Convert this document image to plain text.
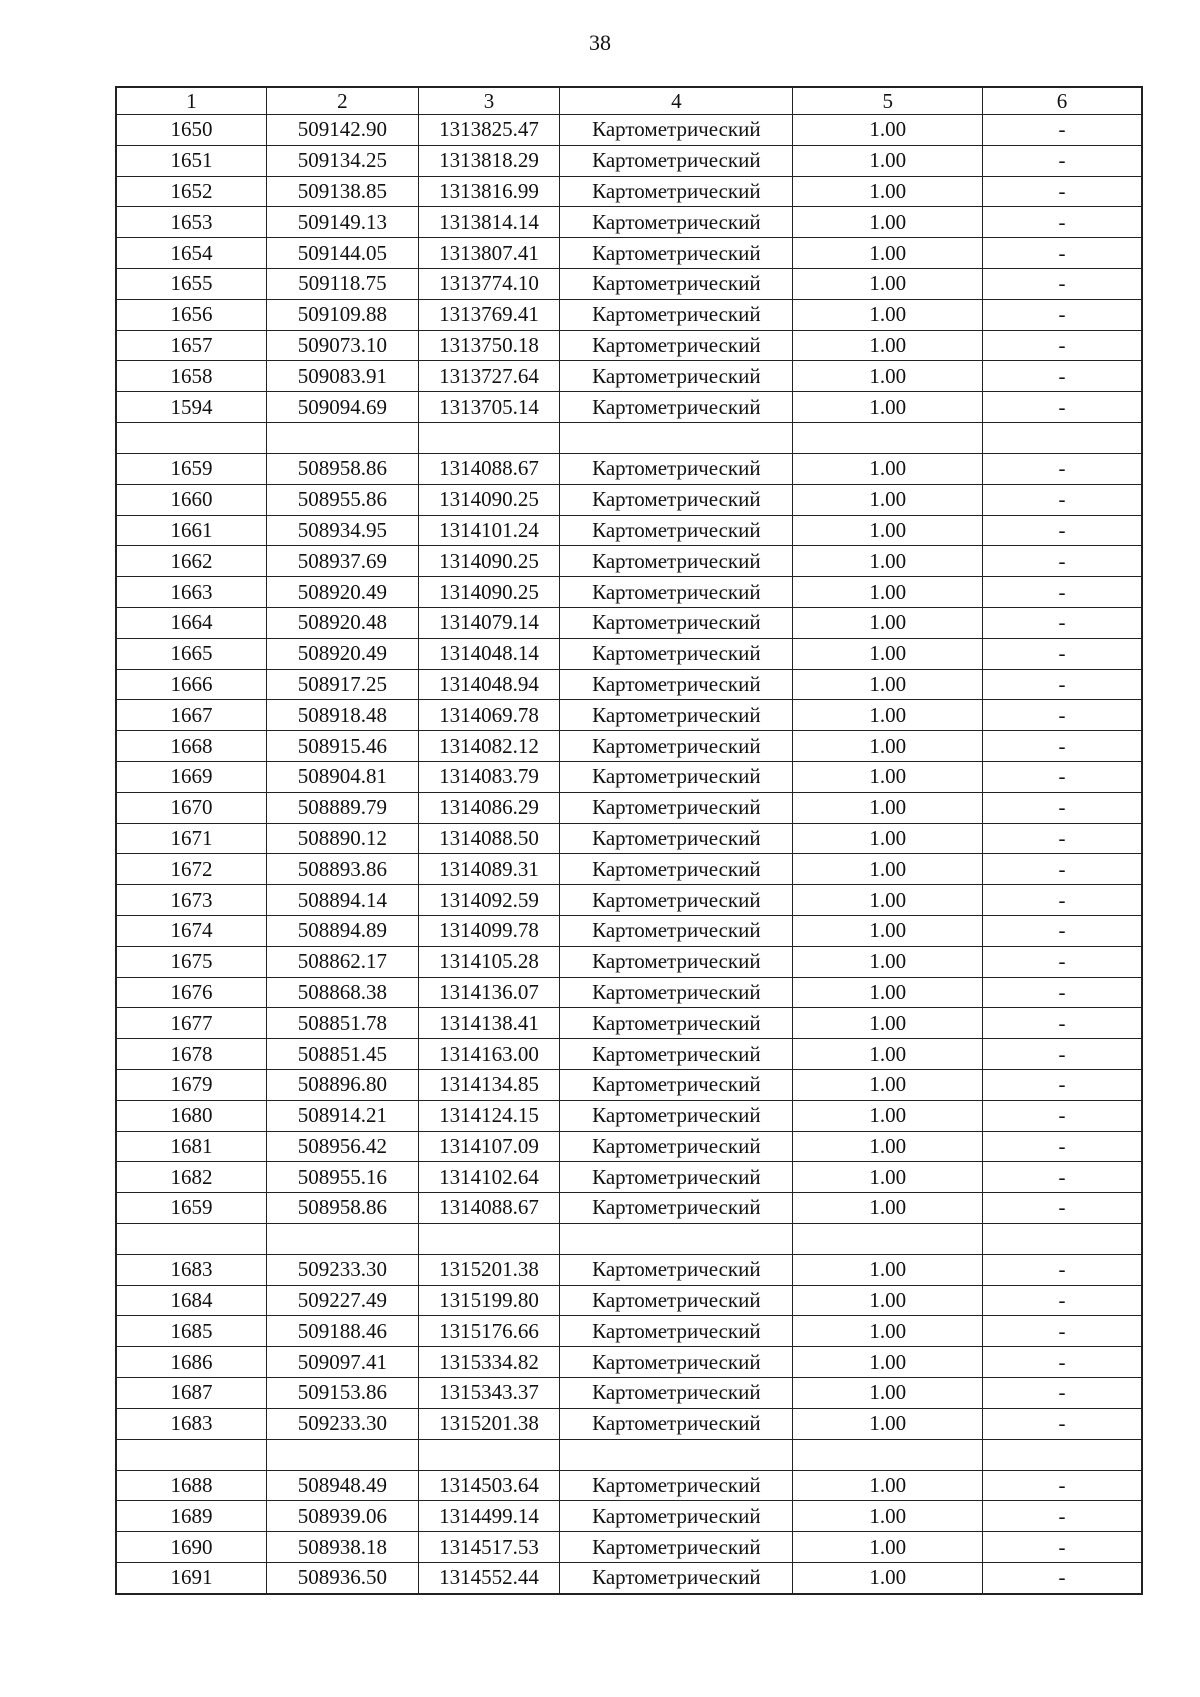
38
1	2	3	4	5	6
1650	509142.90	1313825.47	Картометрический	1.00	-
1651	509134.25	1313818.29	Картометрический	1.00	-
1652	509138.85	1313816.99	Картометрический	1.00	-
1653	509149.13	1313814.14	Картометрический	1.00	-
1654	509144.05	1313807.41	Картометрический	1.00	-
1655	509118.75	1313774.10	Картометрический	1.00	-
1656	509109.88	1313769.41	Картометрический	1.00	-
1657	509073.10	1313750.18	Картометрический	1.00	-
1658	509083.91	1313727.64	Картометрический	1.00	-
1594	509094.69	1313705.14	Картометрический	1.00	-

1659	508958.86	1314088.67	Картометрический	1.00	-
1660	508955.86	1314090.25	Картометрический	1.00	-
1661	508934.95	1314101.24	Картометрический	1.00	-
1662	508937.69	1314090.25	Картометрический	1.00	-
1663	508920.49	1314090.25	Картометрический	1.00	-
1664	508920.48	1314079.14	Картометрический	1.00	-
1665	508920.49	1314048.14	Картометрический	1.00	-
1666	508917.25	1314048.94	Картометрический	1.00	-
1667	508918.48	1314069.78	Картометрический	1.00	-
1668	508915.46	1314082.12	Картометрический	1.00	-
1669	508904.81	1314083.79	Картометрический	1.00	-
1670	508889.79	1314086.29	Картометрический	1.00	-
1671	508890.12	1314088.50	Картометрический	1.00	-
1672	508893.86	1314089.31	Картометрический	1.00	-
1673	508894.14	1314092.59	Картометрический	1.00	-
1674	508894.89	1314099.78	Картометрический	1.00	-
1675	508862.17	1314105.28	Картометрический	1.00	-
1676	508868.38	1314136.07	Картометрический	1.00	-
1677	508851.78	1314138.41	Картометрический	1.00	-
1678	508851.45	1314163.00	Картометрический	1.00	-
1679	508896.80	1314134.85	Картометрический	1.00	-
1680	508914.21	1314124.15	Картометрический	1.00	-
1681	508956.42	1314107.09	Картометрический	1.00	-
1682	508955.16	1314102.64	Картометрический	1.00	-
1659	508958.86	1314088.67	Картометрический	1.00	-

1683	509233.30	1315201.38	Картометрический	1.00	-
1684	509227.49	1315199.80	Картометрический	1.00	-
1685	509188.46	1315176.66	Картометрический	1.00	-
1686	509097.41	1315334.82	Картометрический	1.00	-
1687	509153.86	1315343.37	Картометрический	1.00	-
1683	509233.30	1315201.38	Картометрический	1.00	-

1688	508948.49	1314503.64	Картометрический	1.00	-
1689	508939.06	1314499.14	Картометрический	1.00	-
1690	508938.18	1314517.53	Картометрический	1.00	-
1691	508936.50	1314552.44	Картометрический	1.00	-
